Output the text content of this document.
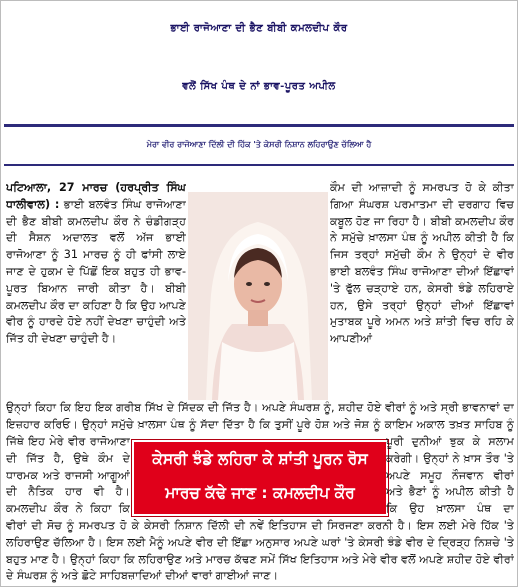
ਭਾਈ ਰਾਜੋਆਣਾ ਦੀ ਭੈਣ ਬੀਬੀ ਕਮਲਦੀਪ ਕੌਰ
ਵਲੋਂ ਸਿੱਖ ਪੰਥ ਦੇ ਨਾਂ ਭਾਵ-ਪੂਰਤ ਅਪੀਲ
ਮੇਰਾ ਵੀਰ ਰਾਜੋਆਣਾ ਦਿੱਲੀ ਦੀ ਹਿੱਕ 'ਤੇ ਕੇਸਰੀ ਨਿਸ਼ਾਨ ਲਹਿਰਾਉਣ ਚੱਲਿਆ ਹੈ

ਪਟਿਆਲਾ, 27 ਮਾਰਚ (ਹਰਪ੍ਰੀਤ ਸਿੰਘ ਧਾਲੀਵਾਲ) : ਭਾਈ ਬਲਵੰਤ ਸਿੰਘ ਰਾਜੋਆਣਾ ਦੀ ਭੈਣ ਬੀਬੀ ਕਮਲਦੀਪ ਕੌਰ ਨੇ ਚੰਡੀਗੜ੍ਹ ਦੀ ਸੈਸ਼ਨ ਅਦਾਲਤ ਵਲੋਂ ਅੱਜ ਭਾਈ ਰਾਜੋਆਣਾ ਨੂੰ 31 ਮਾਰਚ ਨੂੰ ਹੀ ਫਾਂਸੀ ਲਾਏ ਜਾਣ ਦੇ ਹੁਕਮ ਦੇ ਪਿੱਛੋਂ ਇਕ ਬਹੁਤ ਹੀ ਭਾਵ-ਪੂਰਤ ਬਿਆਨ ਜਾਰੀ ਕੀਤਾ ਹੈ। ਬੀਬੀ ਕਮਲਦੀਪ ਕੌਰ ਦਾ ਕਹਿਣਾ ਹੈ ਕਿ ਉਹ ਆਪਣੇ ਵੀਰ ਨੂੰ ਹਾਰਦੇ ਹੋਏ ਨਹੀਂ ਦੇਖਣਾ ਚਾਹੁੰਦੀ ਅਤੇ ਜਿੱਤ ਹੀ ਦੇਖਣਾ ਚਾਹੁੰਦੀ ਹੈ।

ਕੌਮ ਦੀ ਆਜ਼ਾਦੀ ਨੂੰ ਸਮਰਪਤ ਹੋ ਕੇ ਕੀਤਾ ਗਿਆ ਸੰਘਰਸ਼ ਪਰਮਾਤਮਾ ਦੀ ਦਰਗਾਹ ਵਿਚ ਕਬੂਲ ਹੋਣ ਜਾ ਰਿਹਾ ਹੈ। ਬੀਬੀ ਕਮਲਦੀਪ ਕੌਰ ਨੇ ਸਮੁੱਚੇ ਖ਼ਾਲਸਾ ਪੰਥ ਨੂੰ ਅਪੀਲ ਕੀਤੀ ਹੈ ਕਿ ਜਿਸ ਤਰ੍ਹਾਂ ਸਮੁੱਚੀ ਕੌਮ ਨੇ ਉਨ੍ਹਾਂ ਦੇ ਵੀਰ ਭਾਈ ਬਲਵੰਤ ਸਿੰਘ ਰਾਜੋਆਣਾ ਦੀਆਂ ਇੱਛਾਵਾਂ 'ਤੇ ਫੁੱਲ ਚੜ੍ਹਾਏ ਹਨ, ਕੇਸਰੀ ਝੰਡੇ ਲਹਿਰਾਏ ਹਨ, ਉਸੇ ਤਰ੍ਹਾਂ ਉਨ੍ਹਾਂ ਦੀਆਂ ਇੱਛਾਵਾਂ ਮੁਤਾਬਕ ਪੂਰੇ ਅਮਨ ਅਤੇ ਸ਼ਾਂਤੀ ਵਿਚ ਰਹਿ ਕੇ ਆਪਣੀਆਂ

ਉਨ੍ਹਾਂ ਕਿਹਾ ਕਿ ਇਹ ਇਕ ਗਰੀਬ ਸਿੱਖ ਦੇ ਸਿੱਦਕ ਦੀ ਜਿੱਤ ਹੈ। ਅਪਣੇ ਸੰਘਰਸ਼ ਨੂੰ, ਸ਼ਹੀਦ ਹੋਏ ਵੀਰਾਂ ਨੂੰ ਅਤੇ ਸ੍ਰੀ ਭਾਵਨਾਵਾਂ ਦਾ ਇਜ਼ਹਾਰ ਕਰਿਓ। ਉਨ੍ਹਾਂ ਸਮੁੱਚੇ ਖ਼ਾਲਸਾ ਪੰਥ ਨੂੰ ਸੱਦਾ ਦਿੱਤਾ ਹੈ ਕਿ ਤੁਸੀਂ ਪੂਰੇ ਹੋਸ਼ ਅਤੇ ਜੋਸ਼ ਨੂੰ ਕਾਇਮ ਅਕਾਲ ਤਖ਼ਤ ਸਾਹਿਬ ਨੂੰ

ਜਿੱਥੇ ਇਹ ਮੇਰੇ ਵੀਰ ਰਾਜੋਆਣਾ ਦੀ ਜਿੱਤ ਹੈ, ਉਥੇ ਕੌਮ ਦੇ ਧਾਰਮਕ ਅਤੇ ਰਾਜਸੀ ਆਗੂਆਂ ਦੀ ਨੈਤਿਕ ਹਾਰ ਵੀ ਹੈ। ਕਮਲਦੀਪ ਕੌਰ ਨੇ ਕਿਹਾ ਕਿ

ਕੇਸਰੀ ਝੰਡੇ ਲਹਿਰਾ ਕੇ ਸ਼ਾਂਤੀ ਪੂਰਨ ਰੋਸ
ਮਾਰਚ ਕੱਢੇ ਜਾਣ : ਕਮਲਦੀਪ ਕੌਰ

ਪੂਰੀ ਦੁਨੀਆਂ ਝੁਕ ਕੇ ਸਲਾਮ ਕਰੇਗੀ। ਉਨ੍ਹਾਂ ਨੇ ਖ਼ਾਸ ਤੌਰ 'ਤੇ ਅਪਣੇ ਸਮੂਹ ਨੌਜਵਾਨ ਵੀਰਾਂ ਅਤੇ ਭੈਣਾਂ ਨੂੰ ਅਪੀਲ ਕੀਤੀ ਹੈ ਕਿ ਉਹ ਖ਼ਾਲਸਾ ਪੰਥ ਦਾ

ਵੀਰਾਂ ਦੀ ਸੋਚ ਨੂੰ ਸਮਰਪਤ ਹੋ ਕੇ ਕੇਸਰੀ ਨਿਸ਼ਾਨ ਦਿੱਲੀ ਦੀ ਨਵੇਂ ਇਤਿਹਾਸ ਦੀ ਸਿਰਜਣਾ ਕਰਨੀ ਹੈ। ਇਸ ਲਈ ਮੇਰੇ ਹਿੱਕ 'ਤੇ ਲਹਿਰਾਉਣ ਚੱਲਿਆ ਹੈ। ਇਸ ਲਈ ਮੈਨੂੰ ਅਪਣੇ ਵੀਰ ਦੀ ਇੱਛਾ ਅਨੁਸਾਰ ਅਪਣੇ ਘਰਾਂ 'ਤੇ ਕੇਸਰੀ ਝੰਡੇ ਵੀਰ ਦੇ ਦ੍ਰਿੜ੍ਹ ਨਿਸ਼ਚੇ 'ਤੇ ਬਹੁਤ ਮਾਣ ਹੈ। ਉਨ੍ਹਾਂ ਕਿਹਾ ਕਿ ਲਹਿਰਾਉਣ ਅਤੇ ਮਾਰਚ ਕੱਢਣ ਸਮੇਂ ਸਿੱਖ ਇਤਿਹਾਸ ਅਤੇ ਮੇਰੇ ਵੀਰ ਵਲੋਂ ਅਪਣੇ ਸ਼ਹੀਦ ਹੋਏ ਵੀਰਾਂ ਦੇ ਸੰਘਰਸ਼ ਨੂੰ ਅਤੇ ਛੋਟੇ ਸਾਹਿਬਜ਼ਾਦਿਆਂ ਦੀਆਂ ਵਾਰਾਂ ਗਾਈਆਂ ਜਾਣ।
